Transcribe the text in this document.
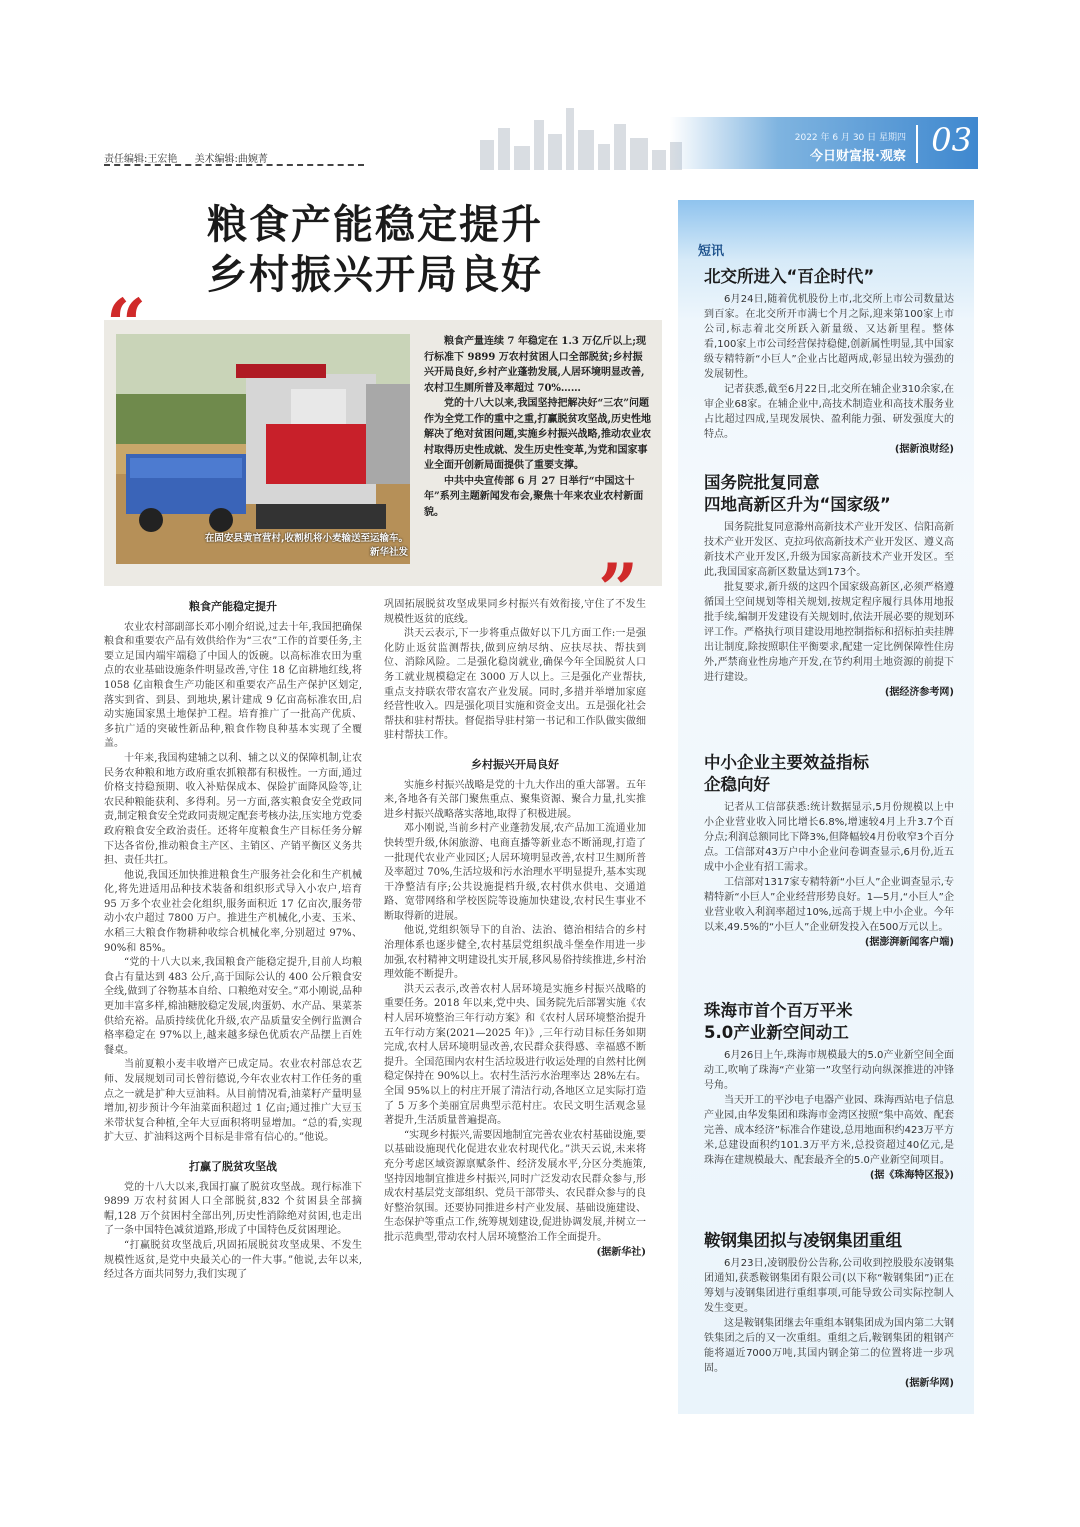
责任编辑:王宏艳 美术编辑:曲婉菁
2022 年 6 月 30 日 星期四
今日财富报·观察 03
粮食产能稳定提升
乡村振兴开局良好
在固安县黄官营村,收割机将小麦输送至运输车。
新华社发

粮食产量连续 7 年稳定在 1.3 万亿斤以上;现行标准下 9899 万农村贫困人口全部脱贫;乡村振兴开局良好,乡村产业蓬勃发展,人居环境明显改善,农村卫生厕所普及率超过 70%……

党的十八大以来,我国坚持把解决好“三农”问题作为全党工作的重中之重,打赢脱贫攻坚战,历史性地解决了绝对贫困问题,实施乡村振兴战略,推动农业农村取得历史性成就、发生历史性变革,为党和国家事业全面开创新局面提供了重要支撑。

中共中央宣传部 6 月 27 日举行“中国这十年”系列主题新闻发布会,聚焦十年来农业农村新面貌。

“
”

粮食产能稳定提升

农业农村部副部长邓小刚介绍说,过去十年,我国把确保粮食和重要农产品有效供给作为“三农”工作的首要任务,主要立足国内端牢端稳了中国人的饭碗。以高标准农田为重点的农业基础设施条件明显改善,守住 18 亿亩耕地红线,将 1058 亿亩粮食生产功能区和重要农产品生产保护区划定,落实到省、到县、到地块,累计建成 9 亿亩高标准农田,启动实施国家黑土地保护工程。培育推广了一批高产优质、多抗广适的突破性新品种,粮食作物良种基本实现了全覆盖。

十年来,我国构建辅之以利、辅之以义的保障机制,让农民务农种粮和地方政府重农抓粮都有积极性。一方面,通过价格支持稳预期、收入补贴保成本、保险扩面降风险等,让农民种粮能获利、多得利。另一方面,落实粮食安全党政同责,制定粮食安全党政同责规定配套考核办法,压实地方党委政府粮食安全政治责任。还将年度粮食生产目标任务分解下达各省份,推动粮食主产区、主销区、产销平衡区义务共担、责任共扛。

他说,我国还加快推进粮食生产服务社会化和生产机械化,将先进适用品种技术装备和组织形式导入小农户,培育 95 万多个农业社会化组织,服务面积近 17 亿亩次,服务带动小农户超过 7800 万户。推进生产机械化,小麦、玉米、水稻三大粮食作物耕种收综合机械化率,分别超过 97%、90%和 85%。

“党的十八大以来,我国粮食产能稳定提升,目前人均粮食占有量达到 483 公斤,高于国际公认的 400 公斤粮食安全线,做到了谷物基本自给、口粮绝对安全。”邓小刚说,品种更加丰富多样,棉油糖胶稳定发展,肉蛋奶、水产品、果菜茶供给充裕。品质持续优化升级,农产品质量安全例行监测合格率稳定在 97%以上,越来越多绿色优质农产品摆上百姓餐桌。

当前夏粮小麦丰收增产已成定局。农业农村部总农艺师、发展规划司司长曾衍德说,今年农业农村工作任务的重点之一就是扩种大豆油料。从目前情况看,油菜籽产量明显增加,初步预计今年油菜面积超过 1 亿亩;通过推广大豆玉米带状复合种植,全年大豆面积将明显增加。“总的看,实现扩大豆、扩油料这两个目标是非常有信心的。”他说。

打赢了脱贫攻坚战

党的十八大以来,我国打赢了脱贫攻坚战。现行标准下 9899 万农村贫困人口全部脱贫,832 个贫困县全部摘帽,128 万个贫困村全部出列,历史性消除绝对贫困,也走出了一条中国特色减贫道路,形成了中国特色反贫困理论。

“打赢脱贫攻坚战后,巩固拓展脱贫攻坚成果、不发生规模性返贫,是党中央最关心的一件大事。”他说,去年以来,经过各方面共同努力,我们实现了

巩固拓展脱贫攻坚成果同乡村振兴有效衔接,守住了不发生规模性返贫的底线。

洪天云表示,下一步将重点做好以下几方面工作:一是强化防止返贫监测帮扶,做到应纳尽纳、应扶尽扶、帮扶到位、消除风险。二是强化稳岗就业,确保今年全国脱贫人口务工就业规模稳定在 3000 万人以上。三是强化产业帮扶,重点支持联农带农富农产业发展。同时,多措并举增加家庭经营性收入。四是强化项目实施和资金支出。五是强化社会帮扶和驻村帮扶。督促指导驻村第一书记和工作队做实做细驻村帮扶工作。

乡村振兴开局良好

实施乡村振兴战略是党的十九大作出的重大部署。五年来,各地各有关部门聚焦重点、聚集资源、聚合力量,扎实推进乡村振兴战略落实落地,取得了积极进展。

邓小刚说,当前乡村产业蓬勃发展,农产品加工流通业加快转型升级,休闲旅游、电商直播等新业态不断涌现,打造了一批现代农业产业园区;人居环境明显改善,农村卫生厕所普及率超过 70%,生活垃圾和污水治理水平明显提升,基本实现干净整洁有序;公共设施提档升级,农村供水供电、交通道路、宽带网络和学校医院等设施加快建设,农村民生事业不断取得新的进展。

他说,党组织领导下的自治、法治、德治相结合的乡村治理体系也逐步健全,农村基层党组织战斗堡垒作用进一步加强,农村精神文明建设扎实开展,移风易俗持续推进,乡村治理效能不断提升。

洪天云表示,改善农村人居环境是实施乡村振兴战略的重要任务。2018 年以来,党中央、国务院先后部署实施《农村人居环境整治三年行动方案》和《农村人居环境整治提升五年行动方案(2021—2025 年)》,三年行动目标任务如期完成,农村人居环境明显改善,农民群众获得感、幸福感不断提升。全国范围内农村生活垃圾进行收运处理的自然村比例稳定保持在 90%以上。农村生活污水治理率达 28%左右。全国 95%以上的村庄开展了清洁行动,各地区立足实际打造了 5 万多个美丽宜居典型示范村庄。农民文明生活观念显著提升,生活质量普遍提高。

“实现乡村振兴,需要因地制宜完善农业农村基础设施,要以基础设施现代化促进农业农村现代化。”洪天云说,未来将充分考虑区域资源禀赋条件、经济发展水平,分区分类施策,坚持因地制宜推进乡村振兴,同时广泛发动农民群众参与,形成农村基层党支部组织、党员干部带头、农民群众参与的良好整治氛围。还要协同推进乡村产业发展、基础设施建设、生态保护等重点工作,统筹规划建设,促进协调发展,并树立一批示范典型,带动农村人居环境整治工作全面提升。

(据新华社)

短讯
北交所进入“百企时代”

6月24日,随着优机股份上市,北交所上市公司数量达到百家。在北交所开市满七个月之际,迎来第100家上市公司,标志着北交所跃入新量级、又达新里程。整体看,100家上市公司经营保持稳健,创新属性明显,其中国家级专精特新“小巨人”企业占比超两成,彰显出较为强劲的发展韧性。

记者获悉,截至6月22日,北交所在辅企业310余家,在审企业68家。在辅企业中,高技术制造业和高技术服务业占比超过四成,呈现发展快、盈利能力强、研发强度大的特点。

(据新浪财经)

国务院批复同意
四地高新区升为“国家级”

国务院批复同意滁州高新技术产业开发区、信阳高新技术产业开发区、克拉玛依高新技术产业开发区、遵义高新技术产业开发区,升级为国家高新技术产业开发区。至此,我国国家高新区数量达到173个。

批复要求,新升级的这四个国家级高新区,必须严格遵循国土空间规划等相关规划,按规定程序履行具体用地报批手续,编制开发建设有关规划时,依法开展必要的规划环评工作。严格执行项目建设用地控制指标和招标拍卖挂牌出让制度,除按照职住平衡要求,配建一定比例保障性住房外,严禁商业性房地产开发,在节约利用土地资源的前提下进行建设。

(据经济参考网)

中小企业主要效益指标
企稳向好

记者从工信部获悉:统计数据显示,5月份规模以上中小企业营业收入同比增长6.8%,增速较4月上升3.7个百分点;利润总额同比下降3%,但降幅较4月份收窄3个百分点。工信部对43万户中小企业问卷调查显示,6月份,近五成中小企业有招工需求。

工信部对1317家专精特新“小巨人”企业调查显示,专精特新“小巨人”企业经营形势良好。1—5月,“小巨人”企业营业收入利润率超过10%,远高于规上中小企业。今年以来,49.5%的“小巨人”企业研发投入在500万元以上。

(据澎湃新闻客户端)

珠海市首个百万平米
5.0产业新空间动工

6月26日上午,珠海市规模最大的5.0产业新空间全面动工,吹响了珠海“产业第一”攻坚行动向纵深推进的冲锋号角。

当天开工的平沙电子电器产业园、珠海西站电子信息产业园,由华发集团和珠海市金湾区按照“集中高效、配套完善、成本经济”标准合作建设,总用地面积约423万平方米,总建设面积约101.3万平方米,总投资超过40亿元,是珠海在建规模最大、配套最齐全的5.0产业新空间项目。

(据《珠海特区报》)

鞍钢集团拟与凌钢集团重组

6月23日,凌钢股份公告称,公司收到控股股东凌钢集团通知,获悉鞍钢集团有限公司(以下称“鞍钢集团”)正在筹划与凌钢集团进行重组事项,可能导致公司实际控制人发生变更。

这是鞍钢集团继去年重组本钢集团成为国内第二大钢铁集团之后的又一次重组。重组之后,鞍钢集团的粗钢产能将逼近7000万吨,其国内钢企第二的位置将进一步巩固。

(据新华网)
